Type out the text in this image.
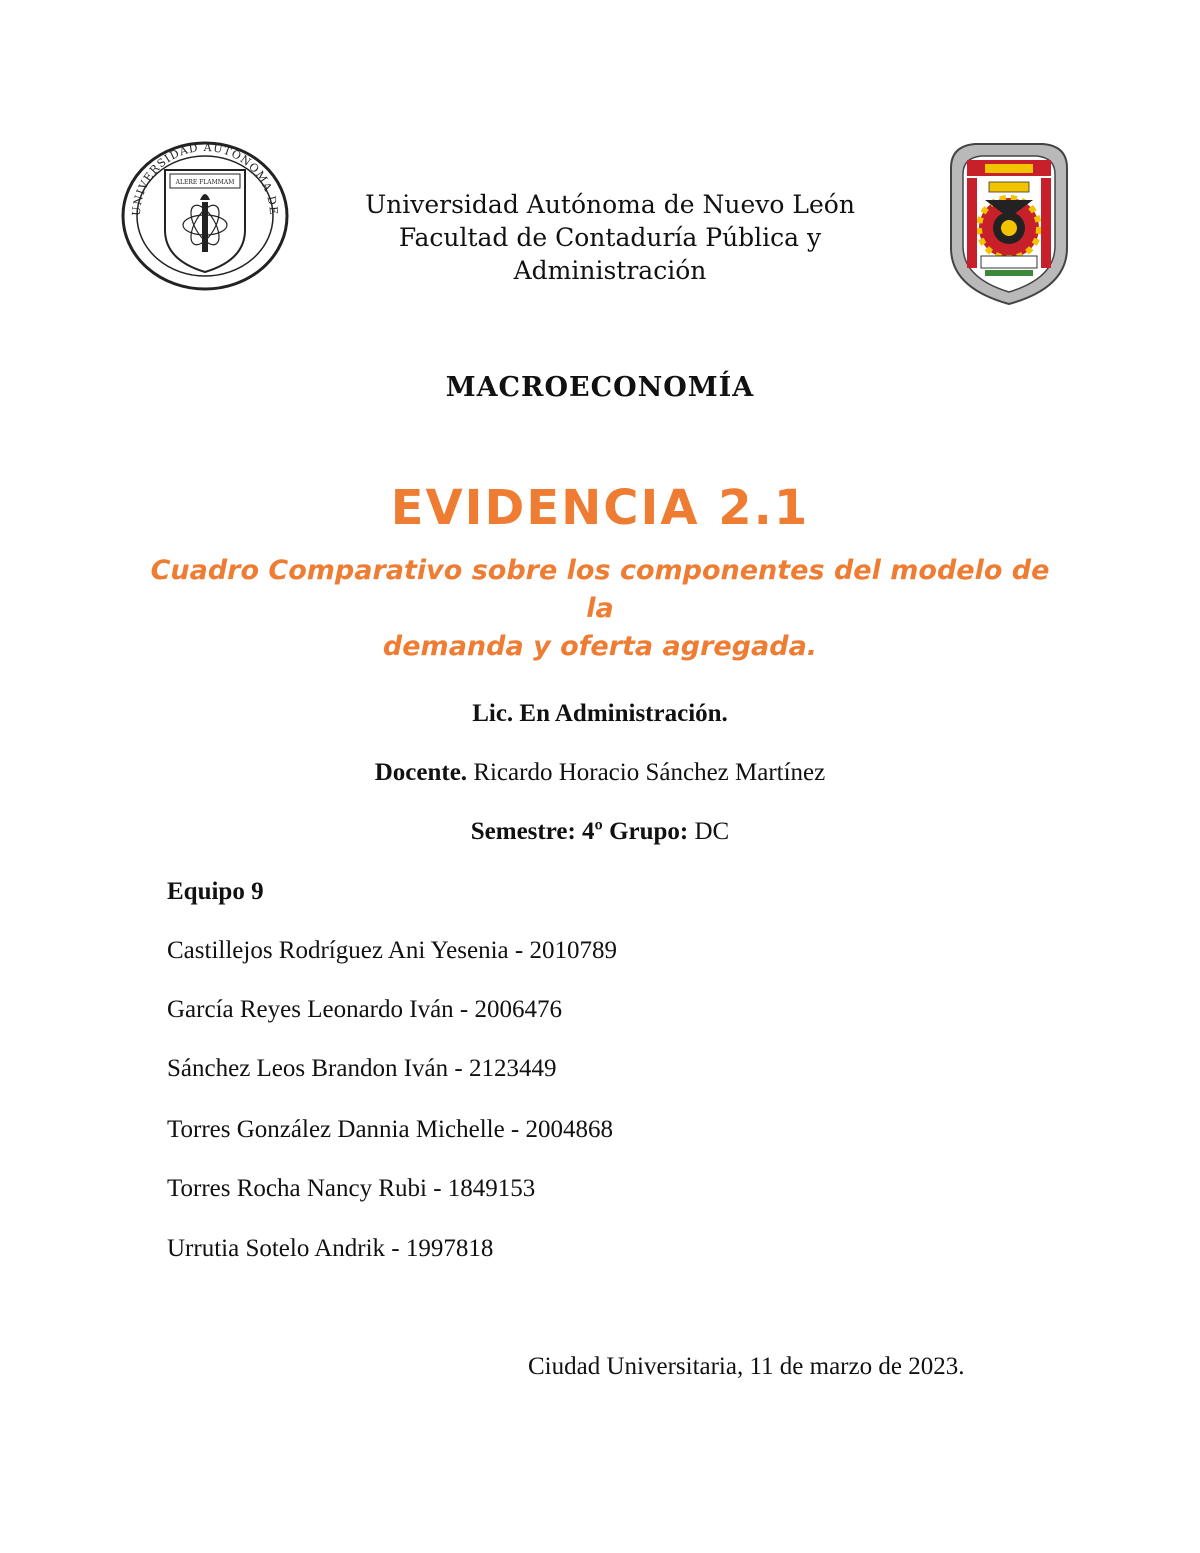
UNIVERSIDAD AUTONOMA DE
ALERE FLAMMAM
Universidad Autónoma de Nuevo León
Facultad de Contaduría Pública y
Administración
MACROECONOMÍA
EVIDENCIA 2.1
Cuadro Comparativo sobre los componentes del modelo de la
demanda y oferta agregada.
Lic. En Administración.
Docente. Ricardo Horacio Sánchez Martínez
Semestre: 4º Grupo: DC
Equipo 9
Castillejos Rodríguez Ani Yesenia - 2010789
García Reyes Leonardo Iván - 2006476
Sánchez Leos Brandon Iván - 2123449
Torres González Dannia Michelle - 2004868
Torres Rocha Nancy Rubi - 1849153
Urrutia Sotelo Andrik - 1997818
Ciudad Universitaria, 11 de marzo de 2023.
